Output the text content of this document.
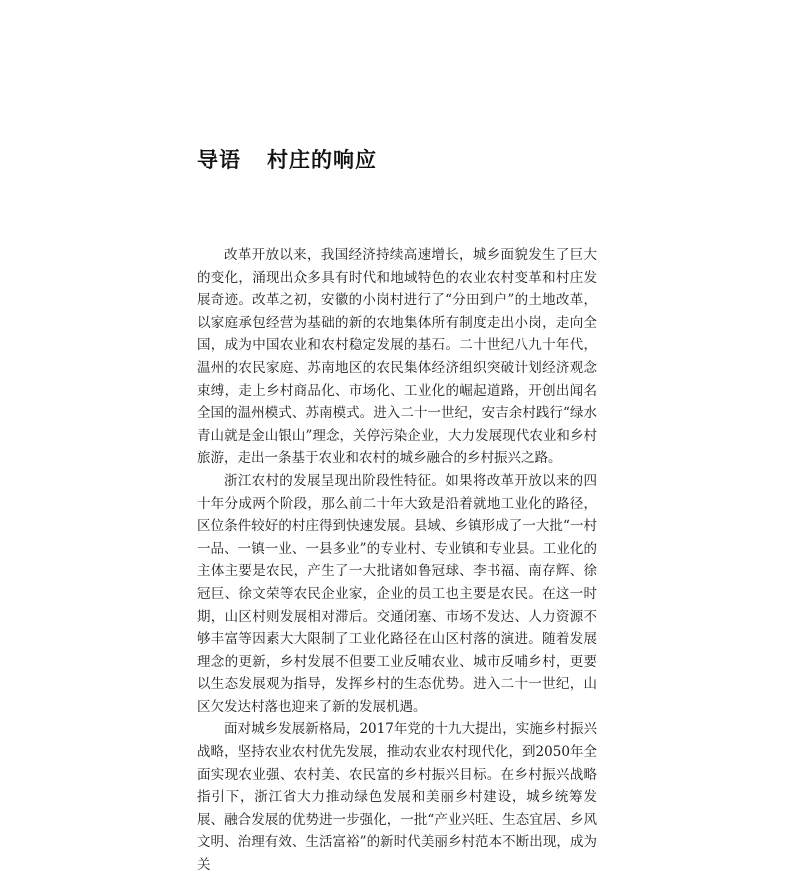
导语 村庄的响应

改革开放以来，我国经济持续高速增长，城乡面貌发生了巨大的变化，涌现出众多具有时代和地域特色的农业农村变革和村庄发展奇迹。改革之初，安徽的小岗村进行了“分田到户”的土地改革，以家庭承包经营为基础的新的农地集体所有制度走出小岗，走向全国，成为中国农业和农村稳定发展的基石。二十世纪八九十年代，温州的农民家庭、苏南地区的农民集体经济组织突破计划经济观念束缚，走上乡村商品化、市场化、工业化的崛起道路，开创出闻名全国的温州模式、苏南模式。进入二十一世纪，安吉余村践行“绿水青山就是金山银山”理念，关停污染企业，大力发展现代农业和乡村旅游，走出一条基于农业和农村的城乡融合的乡村振兴之路。

浙江农村的发展呈现出阶段性特征。如果将改革开放以来的四十年分成两个阶段，那么前二十年大致是沿着就地工业化的路径，区位条件较好的村庄得到快速发展。县域、乡镇形成了一大批“一村一品、一镇一业、一县多业”的专业村、专业镇和专业县。工业化的主体主要是农民，产生了一大批诸如鲁冠球、李书福、南存辉、徐冠巨、徐文荣等农民企业家，企业的员工也主要是农民。在这一时期，山区村则发展相对滞后。交通闭塞、市场不发达、人力资源不够丰富等因素大大限制了工业化路径在山区村落的演进。随着发展理念的更新，乡村发展不但要工业反哺农业、城市反哺乡村，更要以生态发展观为指导，发挥乡村的生态优势。进入二十一世纪，山区欠发达村落也迎来了新的发展机遇。

面对城乡发展新格局，2017年党的十九大提出，实施乡村振兴战略，坚持农业农村优先发展，推动农业农村现代化，到2050年全面实现农业强、农村美、农民富的乡村振兴目标。在乡村振兴战略指引下，浙江省大力推动绿色发展和美丽乡村建设，城乡统筹发展、融合发展的优势进一步强化，一批“产业兴旺、生态宜居、乡风文明、治理有效、生活富裕”的新时代美丽乡村范本不断出现，成为关
